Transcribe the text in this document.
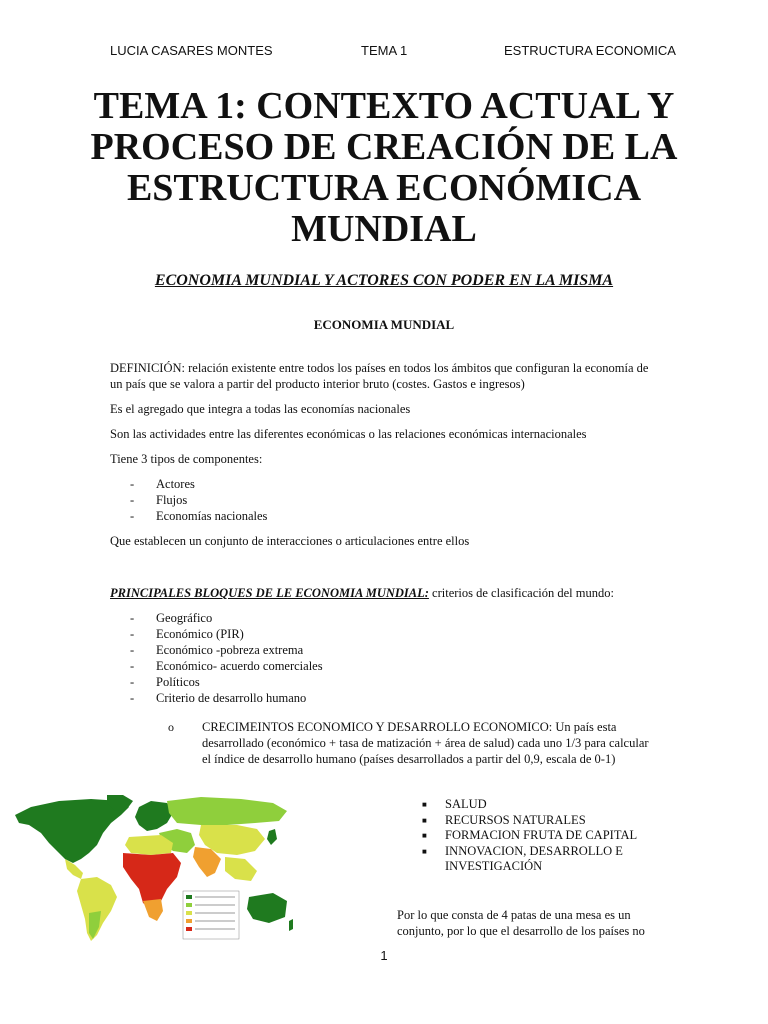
LUCIA CASARES MONTES	TEMA 1	ESTRUCTURA ECONOMICA
TEMA 1: CONTEXTO ACTUAL Y PROCESO DE CREACIÓN DE LA ESTRUCTURA ECONÓMICA MUNDIAL
ECONOMIA MUNDIAL Y ACTORES CON PODER EN LA MISMA
ECONOMIA MUNDIAL

DEFINICIÓN: relación existente entre todos los países en todos los ámbitos que configuran la economía de un país que se valora a partir del producto interior bruto (costes. Gastos e ingresos)

Es el agregado que integra a todas las economías nacionales

Son las actividades entre las diferentes económicas o las relaciones económicas internacionales

Tiene 3 tipos de componentes:

- Actores
- Flujos
- Economías nacionales

Que establecen un conjunto de interacciones o articulaciones entre ellos

PRINCIPALES BLOQUES DE LE ECONOMIA MUNDIAL: criterios de clasificación del mundo:

- Geográfico
- Económico (PIR)
- Económico -pobreza extrema
- Económico- acuerdo comerciales
- Políticos
- Criterio de desarrollo humano
o CRECIMEINTOS ECONOMICO Y DESARROLLO ECONOMICO: Un país esta desarrollado (económico + tasa de matización + área de salud) cada uno 1/3 para calcular el índice de desarrollo humano (países desarrollados a partir del 0,9, escala de 0-1)

■ SALUD
■ RECURSOS NATURALES
■ FORMACION FRUTA DE CAPITAL
■ INNOVACION, DESARROLLO E INVESTIGACIÓN

Por lo que consta de 4 patas de una mesa es un conjunto, por lo que el desarrollo de los países no

1
